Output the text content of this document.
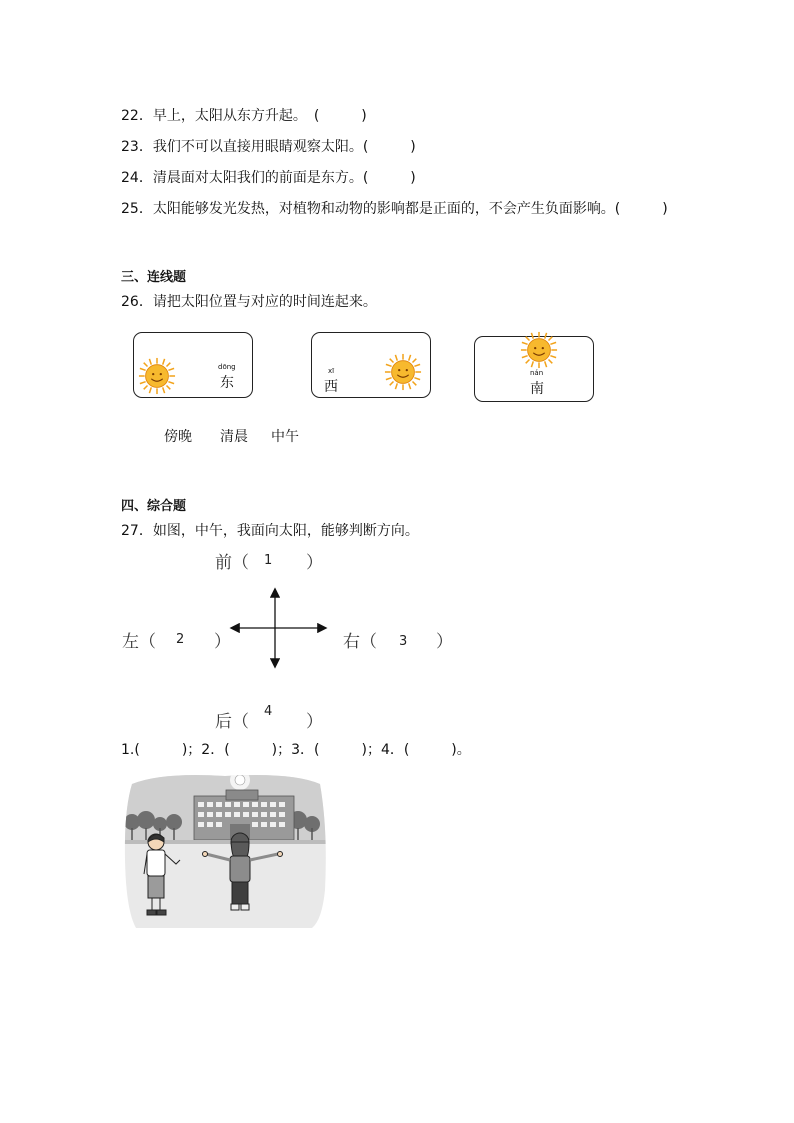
22．早上，太阳从东方升起。　(　　　)
23．我们不可以直接用眼睛观察太阳。(　　　)
24．清晨面对太阳我们的前面是东方。(　　　)
25．太阳能够发光发热，对植物和动物的影响都是正面的，不会产生负面影响。(　　　)
三、连线题
26．请把太阳位置与对应的时间连起来。
dōng
东
xī
西
nán
南
傍晚 清晨 中午
四、综合题
27．如图，中午，我面向太阳，能够判断方向。
前（ 1 ）
左（ 2 ）	右（ 3 ）
后（
4
）
1.(　　　)；2．(　　　)；3．(　　　)；4．(　　　)。
